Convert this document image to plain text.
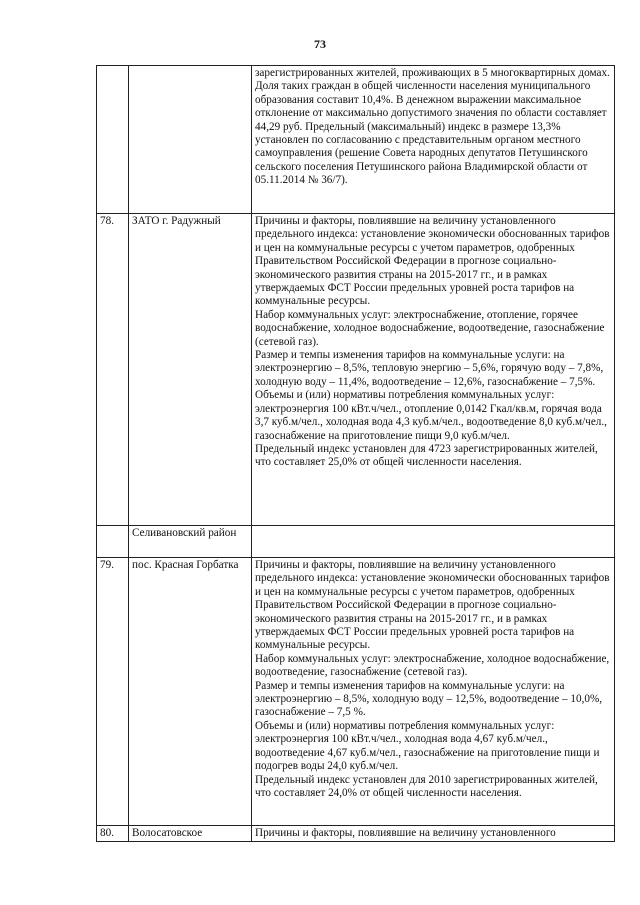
73

		зарегистрированных жителей, проживающих в 5 многоквартирных домах. Доля таких граждан в общей численности населения муниципального образования составит 10,4%. В денежном выражении максимальное отклонение от максимально допустимого значения по области составляет 44,29 руб. Предельный (максимальный) индекс в размере 13,3% установлен по согласованию с представительным органом местного самоуправления (решение Совета народных депутатов Петушинского сельского поселения Петушинского района Владимирской области от 05.11.2014 № 36/7).

78.	ЗАТО г. Радужный	Причины и факторы, повлиявшие на величину установленного предельного индекса: установление экономически обоснованных тарифов и цен на коммунальные ресурсы с учетом параметров, одобренных Правительством Российской Федерации в прогнозе социально-экономического развития страны на 2015-2017 гг., и в рамках утверждаемых ФСТ России предельных уровней роста тарифов на коммунальные ресурсы.

Набор коммунальных услуг: электроснабжение, отопление, горячее водоснабжение, холодное водоснабжение, водоотведение, газоснабжение (сетевой газ).

Размер и темпы изменения тарифов на коммунальные услуги: на электроэнергию – 8,5%, тепловую энергию – 5,6%, горячую воду – 7,8%, холодную воду – 11,4%, водоотведение – 12,6%, газоснабжение – 7,5%.

Объемы и (или) нормативы потребления коммунальных услуг: электроэнергия 100 кВт.ч/чел., отопление 0,0142 Гкал/кв.м, горячая вода 3,7 куб.м/чел., холодная вода 4,3 куб.м/чел., водоотведение 8,0 куб.м/чел., газоснабжение на приготовление пищи 9,0 куб.м/чел.

Предельный индекс установлен для 4723 зарегистрированных жителей, что составляет 25,0% от общей численности населения.

	Селивановский район	
79.	пос. Красная Горбатка	Причины и факторы, повлиявшие на величину установленного предельного индекса: установление экономически обоснованных тарифов и цен на коммунальные ресурсы с учетом параметров, одобренных Правительством Российской Федерации в прогнозе социально-экономического развития страны на 2015-2017 гг., и в рамках утверждаемых ФСТ России предельных уровней роста тарифов на коммунальные ресурсы.

Набор коммунальных услуг: электроснабжение, холодное водоснабжение, водоотведение, газоснабжение (сетевой газ).

Размер и темпы изменения тарифов на коммунальные услуги: на электроэнергию – 8,5%, холодную воду – 12,5%, водоотведение – 10,0%, газоснабжение – 7,5 %.

Объемы и (или) нормативы потребления коммунальных услуг: электроэнергия 100 кВт.ч/чел., холодная вода 4,67 куб.м/чел., водоотведение 4,67 куб.м/чел., газоснабжение на приготовление пищи и подогрев воды 24,0 куб.м/чел.

Предельный индекс установлен для 2010 зарегистрированных жителей, что составляет 24,0% от общей численности населения.

80.	Волосатовское	Причины и факторы, повлиявшие на величину установленного
